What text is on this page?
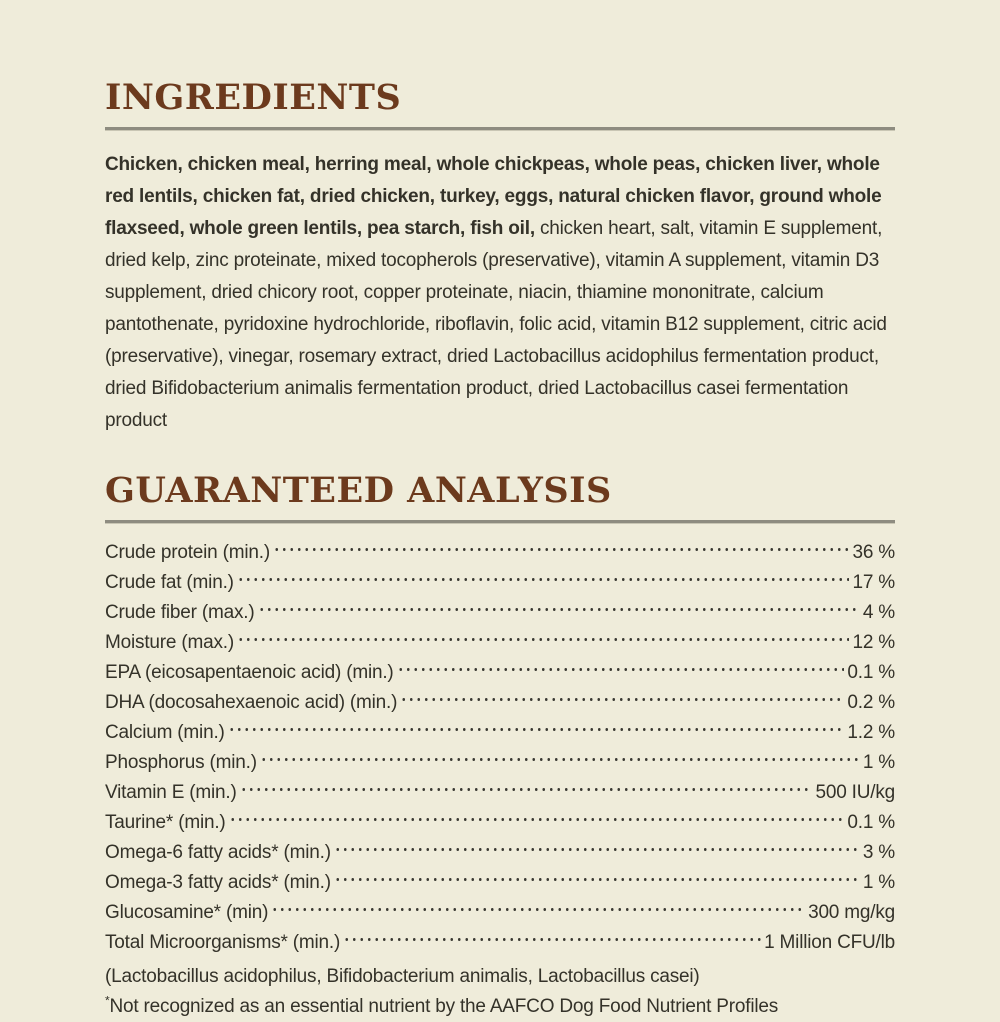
INGREDIENTS

Chicken, chicken meal, herring meal, whole chickpeas, whole peas, chicken liver, whole red lentils, chicken fat, dried chicken, turkey, eggs, natural chicken flavor, ground whole flaxseed, whole green lentils, pea starch, fish oil, chicken heart, salt, vitamin E supplement, dried kelp, zinc proteinate, mixed tocopherols (preservative), vitamin A supplement, vitamin D3 supplement, dried chicory root, copper proteinate, niacin, thiamine mononitrate, calcium pantothenate, pyridoxine hydrochloride, riboflavin, folic acid, vitamin B12 supplement, citric acid (preservative), vinegar, rosemary extract, dried Lactobacillus acidophilus fermentation product, dried Bifidobacterium animalis fermentation product, dried Lactobacillus casei fermentation product

GUARANTEED ANALYSIS
Crude protein (min.)	36 %
Crude fat (min.)	17 %
Crude fiber (max.)	4 %
Moisture (max.)	12 %
EPA (eicosapentaenoic acid) (min.)	0.1 %
DHA (docosahexaenoic acid) (min.)	0.2 %
Calcium (min.)	1.2 %
Phosphorus (min.)	1 %
Vitamin E (min.)	500 IU/kg
Taurine* (min.)	0.1 %
Omega-6 fatty acids* (min.)	3 %
Omega-3 fatty acids* (min.)	1 %
Glucosamine* (min)	300 mg/kg
Total Microorganisms* (min.)	1 Million CFU/lb
(Lactobacillus acidophilus, Bifidobacterium animalis, Lactobacillus casei)
*Not recognized as an essential nutrient by the AAFCO Dog Food Nutrient Profiles
